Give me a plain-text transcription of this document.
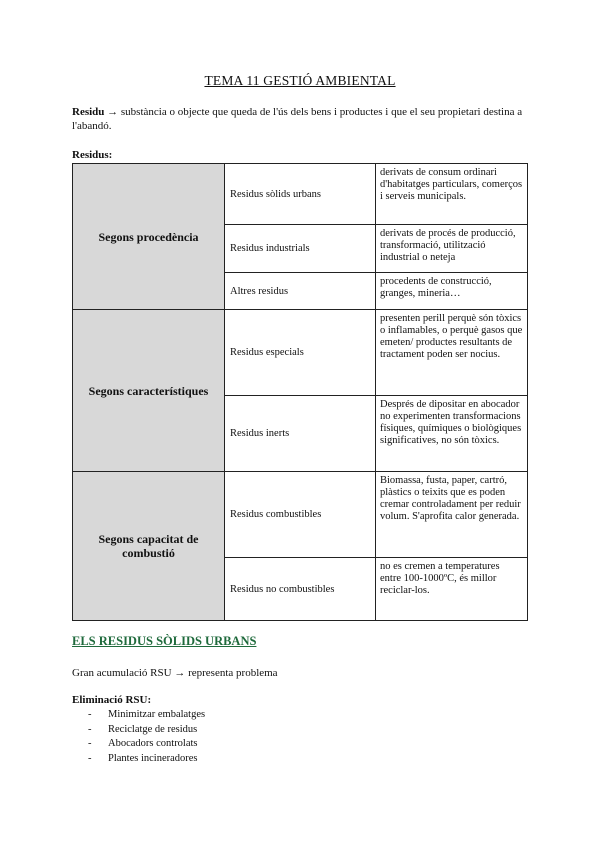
TEMA 11 GESTIÓ AMBIENTAL
Residu → substància o objecte que queda de l'ús dels bens i productes i que el seu propietari destina a l'abandó.
Residus:
Segons procedència	Residus sòlids urbans	derivats de consum ordinari d'habitatges particulars, comerços i serveis municipals.
	Residus industrials	derivats de procés de producció, transformació, utilització industrial o neteja
	Altres residus	procedents de construcció, granges, mineria…
Segons característiques	Residus especials	presenten perill perquè són tòxics o inflamables, o perquè gasos que emeten/ productes resultants de tractament poden ser nocius.
	Residus inerts	Després de dipositar en abocador no experimenten transformacions físiques, químiques o biològiques significatives, no són tòxics.
Segons capacitat de combustió	Residus combustibles	Biomassa, fusta, paper, cartró, plàstics o teixits que es poden cremar controladament per reduir volum. S'aprofita calor generada.
	Residus no combustibles	no es cremen a temperatures entre 100-1000ºC, és millor reciclar-los.
ELS RESIDUS SÒLIDS URBANS
Gran acumulació RSU → representa problema
Eliminació RSU:
- Minimitzar embalatges
- Reciclatge de residus
- Abocadors controlats
- Plantes incineradores
